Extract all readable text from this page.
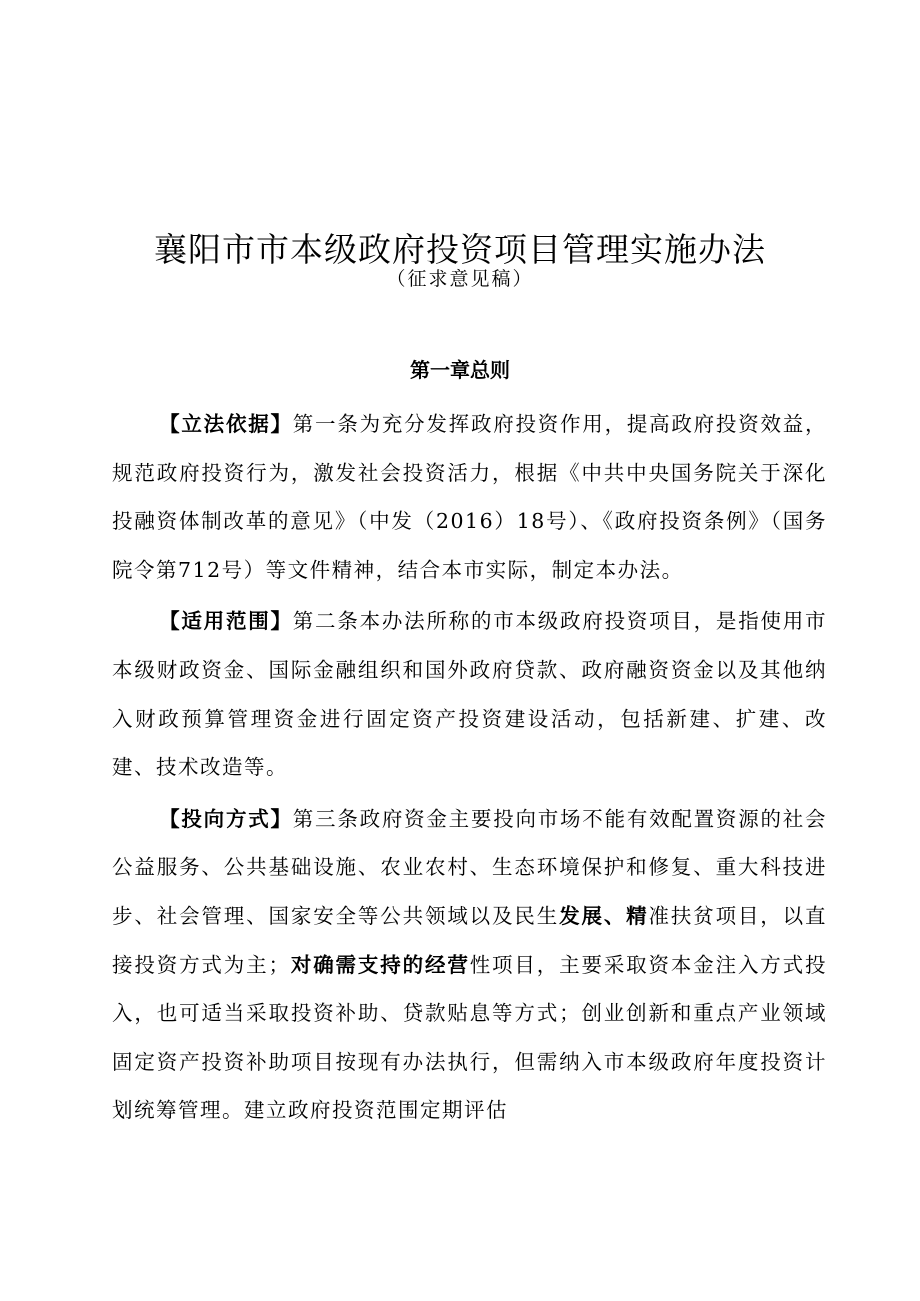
襄阳市市本级政府投资项目管理实施办法
（征求意见稿）
第一章总则

【立法依据】第一条为充分发挥政府投资作用，提高政府投资效益，规范政府投资行为，激发社会投资活力，根据《中共中央国务院关于深化投融资体制改革的意见》（中发（2016）18号）、《政府投资条例》（国务院令第712号）等文件精神，结合本市实际，制定本办法。

【适用范围】第二条本办法所称的市本级政府投资项目，是指使用市本级财政资金、国际金融组织和国外政府贷款、政府融资资金以及其他纳入财政预算管理资金进行固定资产投资建设活动，包括新建、扩建、改建、技术改造等。

【投向方式】第三条政府资金主要投向市场不能有效配置资源的社会公益服务、公共基础设施、农业农村、生态环境保护和修复、重大科技进步、社会管理、国家安全等公共领域以及民生发展、精准扶贫项目，以直接投资方式为主；对确需支持的经营性项目，主要采取资本金注入方式投入，也可适当采取投资补助、贷款贴息等方式；创业创新和重点产业领域固定资产投资补助项目按现有办法执行，但需纳入市本级政府年度投资计划统筹管理。建立政府投资范围定期评估
